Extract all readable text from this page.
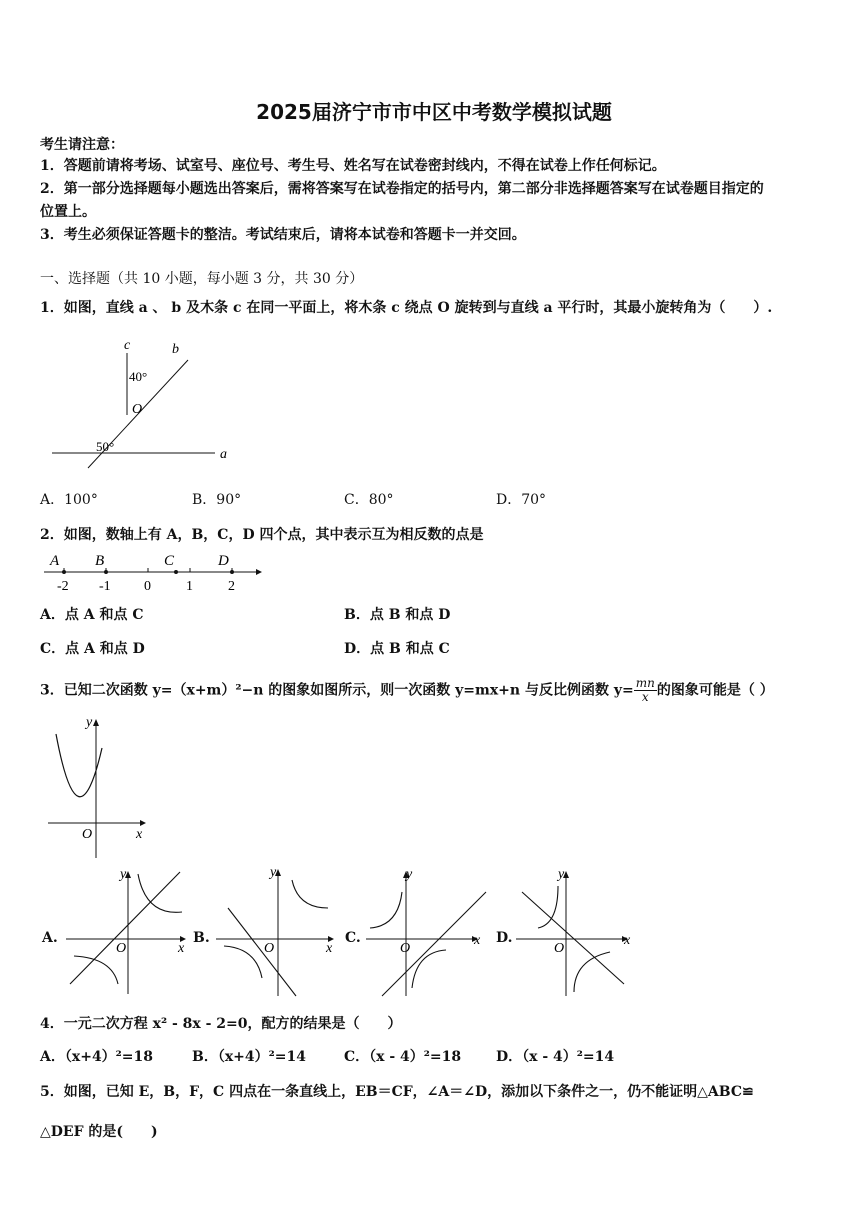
2025届济宁市市中区中考数学模拟试题
考生请注意：
1．答题前请将考场、试室号、座位号、考生号、姓名写在试卷密封线内，不得在试卷上作任何标记。
2．第一部分选择题每小题选出答案后，需将答案写在试卷指定的括号内，第二部分非选择题答案写在试卷题目指定的
位置上。
3．考生必须保证答题卡的整洁。考试结束后，请将本试卷和答题卡一并交回。
一、选择题（共 10 小题，每小题 3 分，共 30 分）
1．如图，直线 a 、 b 及木条 c 在同一平面上，将木条 c 绕点 O 旋转到与直线 a 平行时，其最小旋转角为（　　）.
c	b
a
O
40°
50°
A．100°	B．90°	C．80°	D．70°
2．如图，数轴上有 A，B，C，D 四个点，其中表示互为相反数的点是
A B	C	D
-2 -1 0	1	2
A．点 A 和点 C	B．点 B 和点 D
C．点 A 和点 D	D．点 B 和点 C
3．已知二次函数 y=（x+m）²−n 的图象如图所示，则一次函数 y=mx+n 与反比例函数 $y= \frac{mn}{x}$ 的图象可能是（ ）
y
x
O
A.
y
x
O
B.
y
x
O
C.
y
x
O
D.
y
x
O
4．一元二次方程 x² - 8x - 2=0，配方的结果是（　　）
A．（x+4）²=18	B．（x+4）²=14	C．（x - 4）²=18 D．（x - 4）²=14
5．如图，已知 E，B，F，C 四点在一条直线上，EB＝CF，∠A＝∠D，添加以下条件之一，仍不能证明△ABC≌
△DEF 的是(　　)
